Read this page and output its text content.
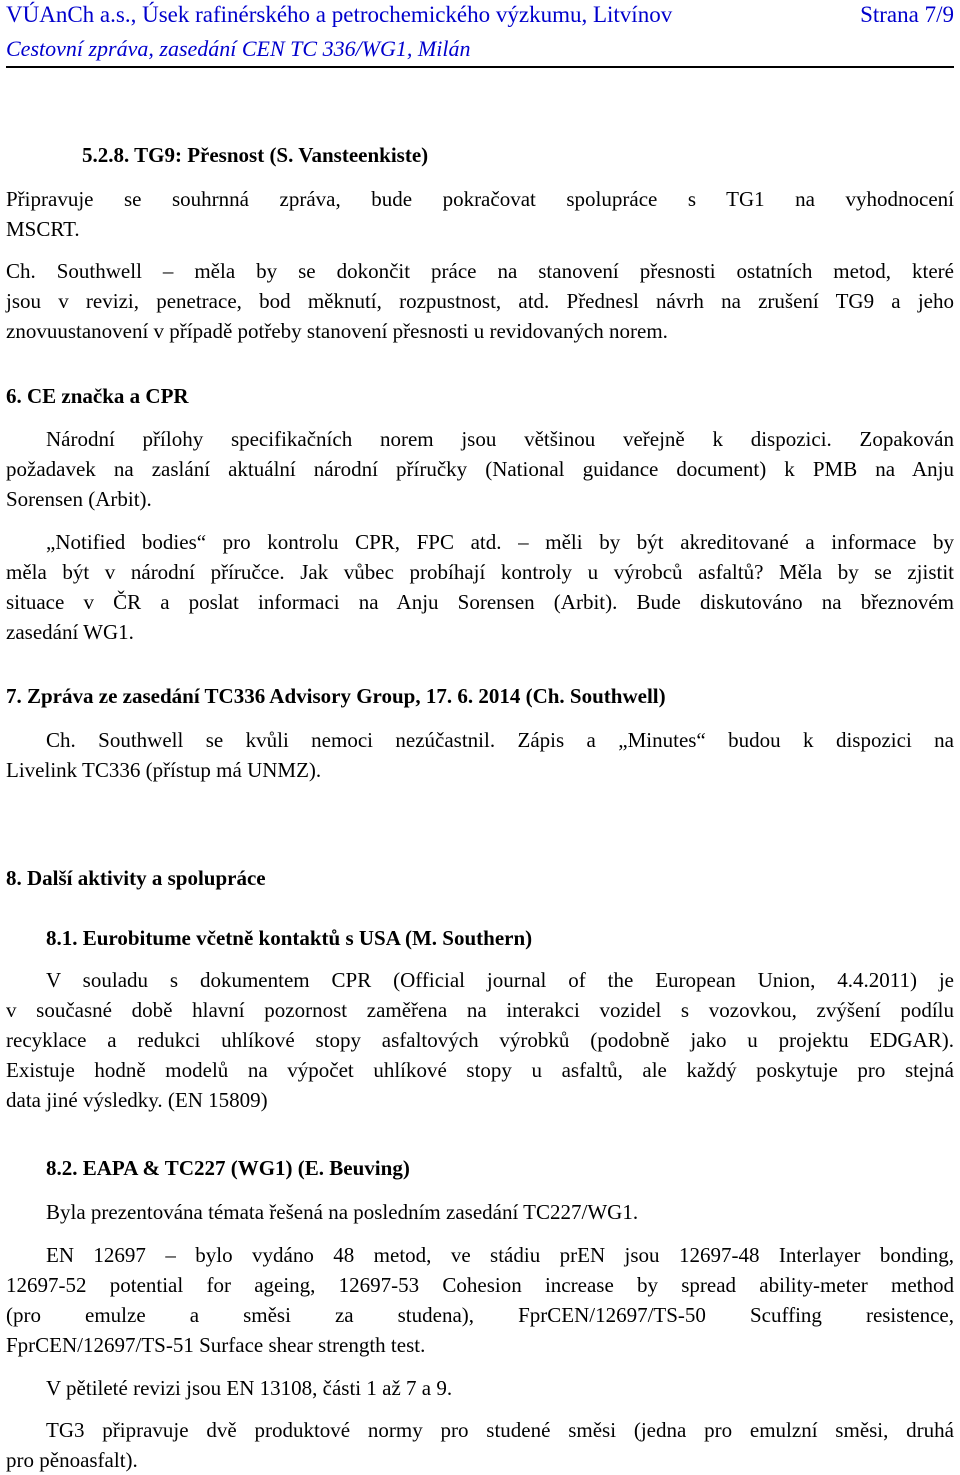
VÚAnCh a.s., Úsek rafinérského a petrochemického výzkumu, Litvínov	Strana 7/9
Cestovní zpráva, zasedání CEN TC 336/WG1, Milán
5.2.8. TG9: Přesnost (S. Vansteenkiste)
Připravuje se souhrnná zpráva, bude pokračovat spolupráce s TG1 na vyhodnocení
MSCRT.
Ch. Southwell – měla by se dokončit práce na stanovení přesnosti ostatních metod, které
jsou v revizi, penetrace, bod měknutí, rozpustnost, atd. Přednesl návrh na zrušení TG9 a jeho
znovuustanovení v případě potřeby stanovení přesnosti u revidovaných norem.
6. CE značka a CPR
Národní přílohy specifikačních norem jsou většinou veřejně k dispozici. Zopakován
požadavek na zaslání aktuální národní příručky (National guidance document) k PMB na Anju
Sorensen (Arbit).
„Notified bodies“ pro kontrolu CPR, FPC atd. – měli by být akreditované a informace by
měla být v národní příručce. Jak vůbec probíhají kontroly u výrobců asfaltů? Měla by se zjistit
situace v ČR a poslat informaci na Anju Sorensen (Arbit). Bude diskutováno na březnovém
zasedání WG1.
7. Zpráva ze zasedání TC336 Advisory Group, 17. 6. 2014 (Ch. Southwell)
Ch. Southwell se kvůli nemoci nezúčastnil. Zápis a „Minutes“ budou k dispozici na
Livelink TC336 (přístup má UNMZ).
8. Další aktivity a spolupráce
8.1. Eurobitume včetně kontaktů s USA (M. Southern)
V souladu s dokumentem CPR (Official journal of the European Union, 4.4.2011) je
v současné době hlavní pozornost zaměřena na interakci vozidel s vozovkou, zvýšení podílu
recyklace a redukci uhlíkové stopy asfaltových výrobků (podobně jako u projektu EDGAR).
Existuje hodně modelů na výpočet uhlíkové stopy u asfaltů, ale každý poskytuje pro stejná
data jiné výsledky. (EN 15809)
8.2. EAPA & TC227 (WG1) (E. Beuving)
Byla prezentována témata řešená na posledním zasedání TC227/WG1.
EN 12697 – bylo vydáno 48 metod, ve stádiu prEN jsou 12697-48 Interlayer bonding,
12697-52 potential for ageing, 12697-53 Cohesion increase by spread ability-meter method
(pro emulze a směsi za studena), FprCEN/12697/TS-50 Scuffing resistence,
FprCEN/12697/TS-51 Surface shear strength test.
V pětileté revizi jsou EN 13108, části 1 až 7 a 9.
TG3 připravuje dvě produktové normy pro studené směsi (jedna pro emulzní směsi, druhá
pro pěnoasfalt).
